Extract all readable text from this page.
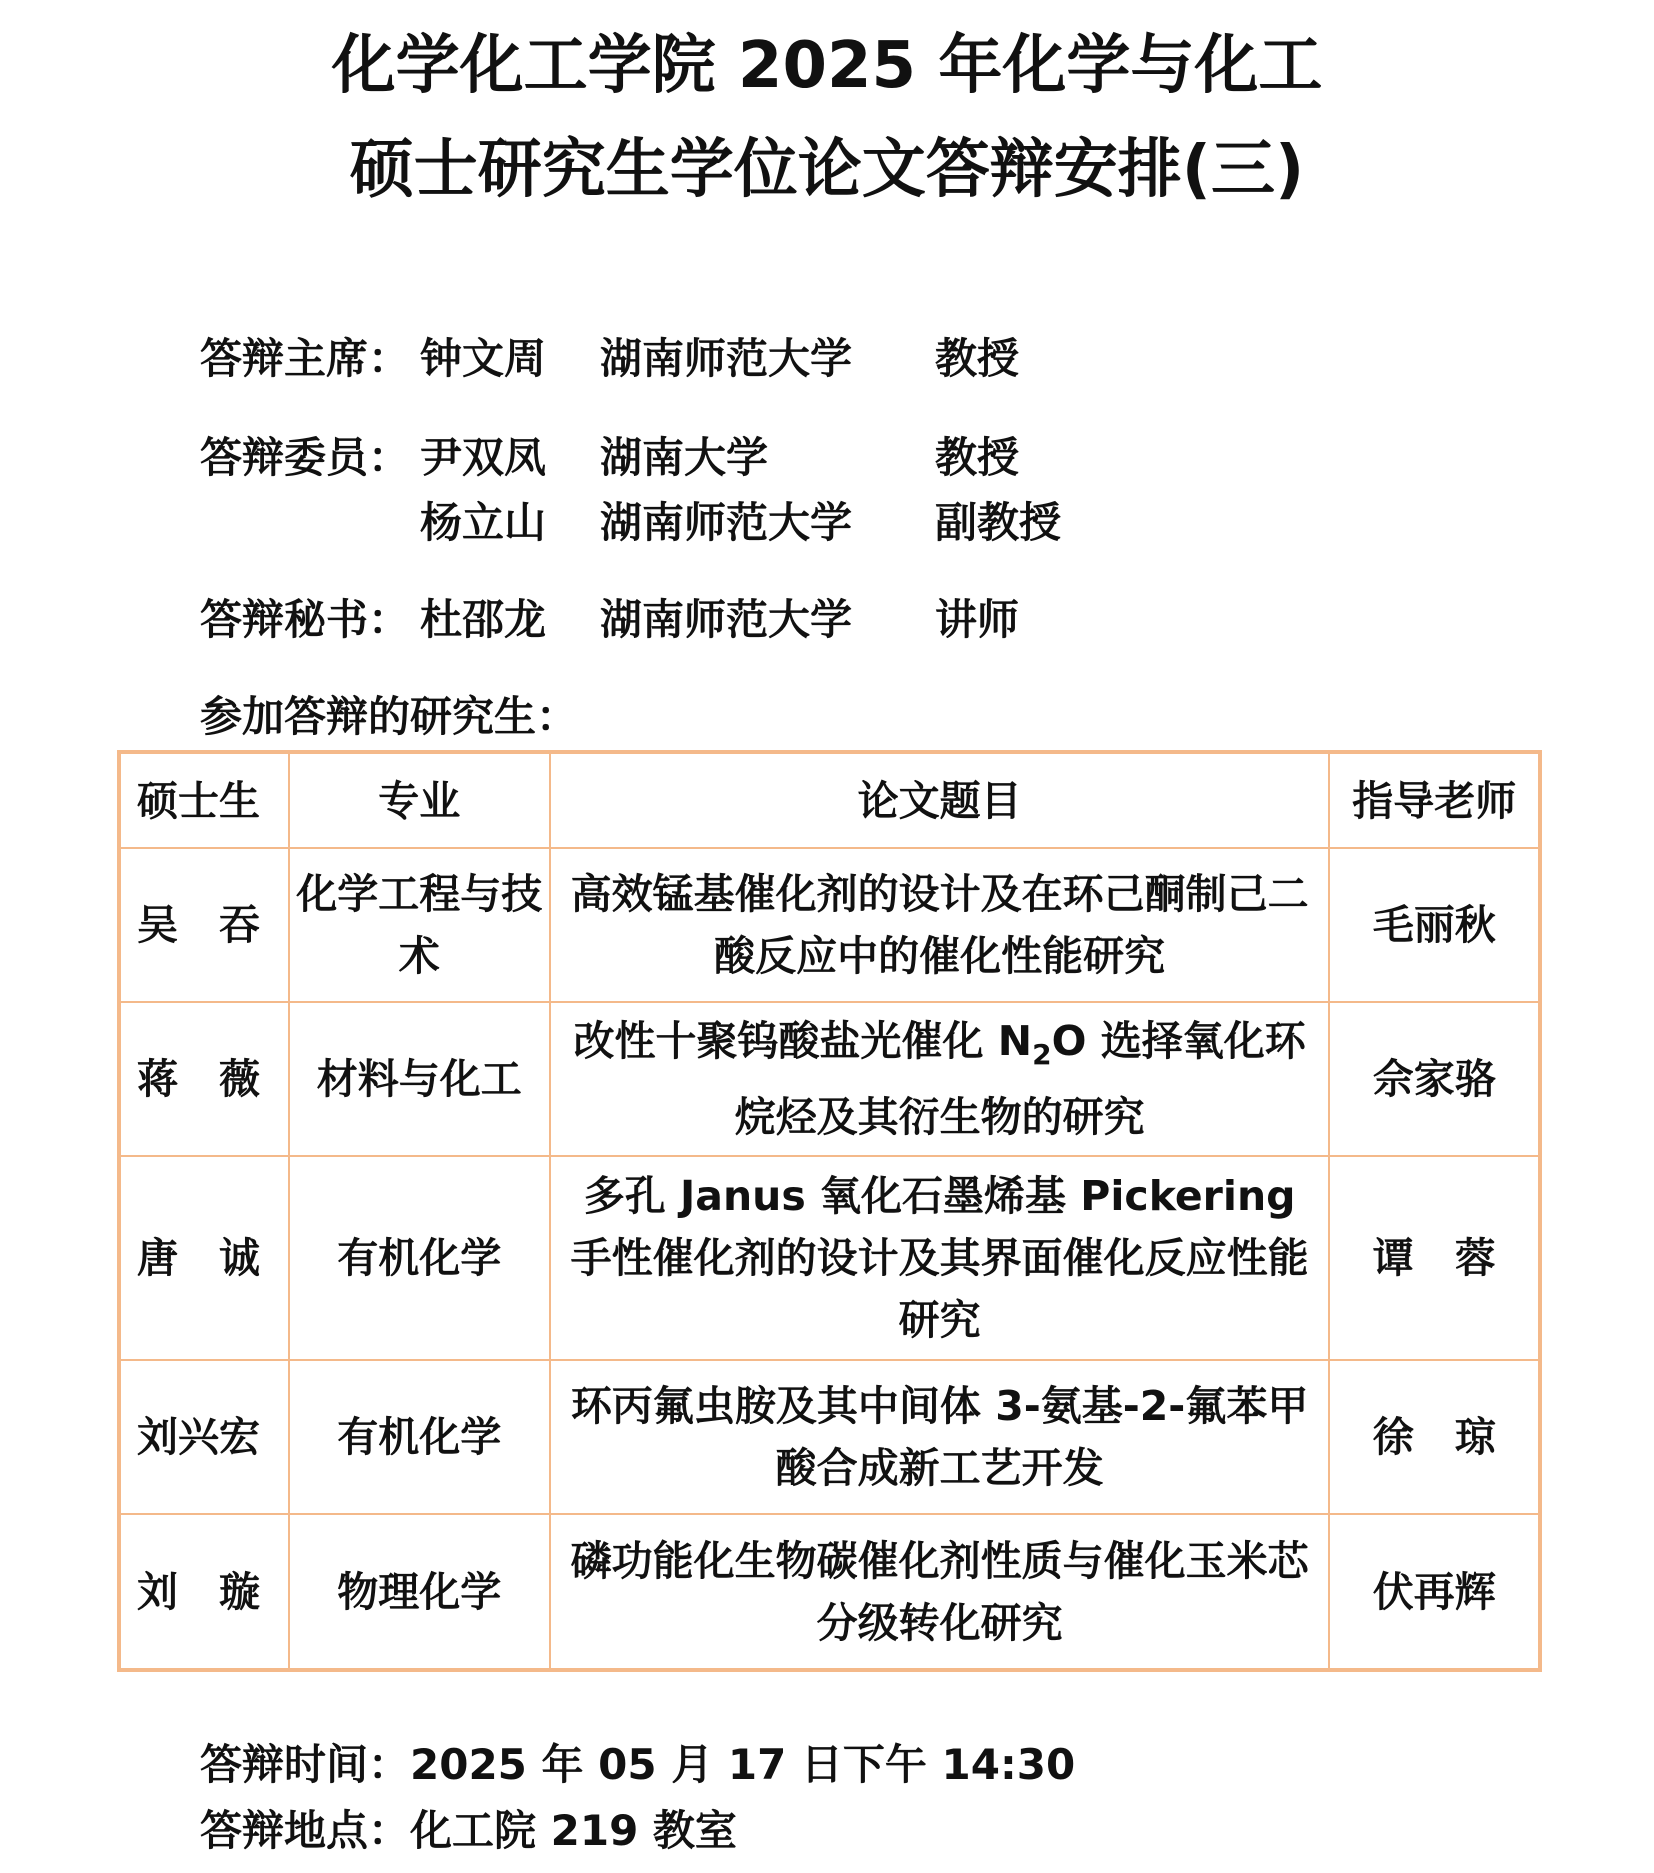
化学化工学院 2025 年化学与化工
硕士研究生学位论文答辩安排(三)
答辩主席： 钟文周 湖南师范大学 教授
答辩委员： 尹双凤 湖南大学	教授
杨立山 湖南师范大学 副教授
答辩秘书： 杜邵龙 湖南师范大学 讲师
参加答辩的研究生：
硕士生	专业	论文题目	指导老师
吴　吞	化学工程与技术	高效锰基催化剂的设计及在环己酮制己二酸反应中的催化性能研究	毛丽秋
蒋　薇	材料与化工	改性十聚钨酸盐光催化 $N_2O$ 选择氧化环烷烃及其衍生物的研究	佘家骆
唐　诚	有机化学	多孔 Janus 氧化石墨烯基 Pickering 手性催化剂的设计及其界面催化反应性能研究	谭　蓉
刘兴宏	有机化学	环丙氟虫胺及其中间体 3-氨基-2-氟苯甲酸合成新工艺开发	徐　琼
刘　璇	物理化学	磷功能化生物碳催化剂性质与催化玉米芯分级转化研究	伏再辉
答辩时间：2025 年 05 月 17 日下午 14:30
答辩地点：化工院 219 教室
